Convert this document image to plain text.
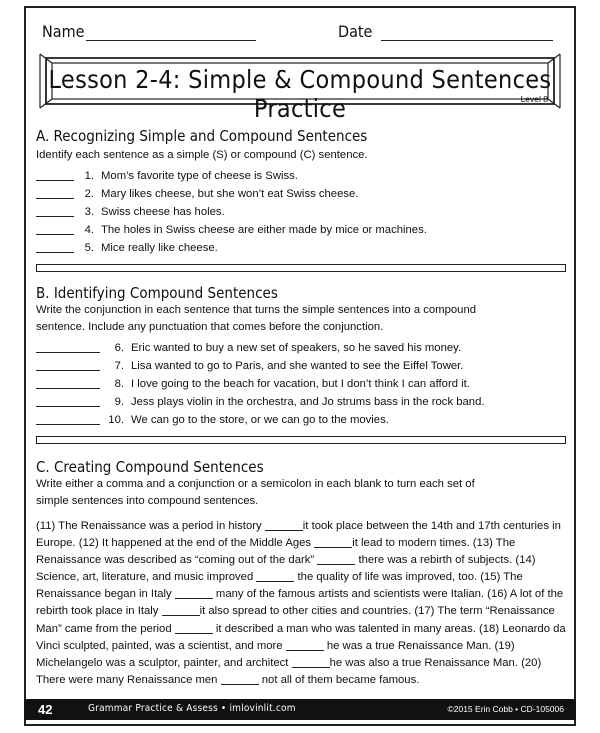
Name	Date
Lesson 2-4: Simple & Compound Sentences Practice	Level 8
A. Recognizing Simple and Compound Sentences
Identify each sentence as a simple (S) or compound (C) sentence.
1. Mom’s favorite type of cheese is Swiss.
2. Mary likes cheese, but she won’t eat Swiss cheese.
3. Swiss cheese has holes.
4. The holes in Swiss cheese are either made by mice or machines.
5. Mice really like cheese.
B. Identifying Compound Sentences
Write the conjunction in each sentence that turns the simple sentences into a compound
sentence. Include any punctuation that comes before the conjunction.
6. Eric wanted to buy a new set of speakers, so he saved his money.
7. Lisa wanted to go to Paris, and she wanted to see the Eiffel Tower.
8. I love going to the beach for vacation, but I don’t think I can afford it.
9. Jess plays violin in the orchestra, and Jo strums bass in the rock band.
10. We can go to the store, or we can go to the movies.
C. Creating Compound Sentences
Write either a comma and a conjunction or a semicolon in each blank to turn each set of
simple sentences into compound sentences.
(11) The Renaissance was a period in history	it took place between the 14th and 17th centuries in Europe. (12) It happened at the end of the Middle Ages	it lead to modern times. (13) The Renaissance was described as “coming out of the dark”	there was a rebirth of subjects. (14) Science, art, literature, and music improved	the quality of life was improved, too. (15) The Renaissance began in Italy	many of the famous artists and scientists were Italian. (16) A lot of the rebirth took place in Italy	it also spread to other cities and countries. (17) The term “Renaissance Man” came from the period	it described a man who was talented in many areas. (18) Leonardo da Vinci sculpted, painted, was a scientist, and more	he was a true Renaissance Man. (19) Michelangelo was a sculptor, painter, and architect	he was also a true Renaissance Man. (20) There were many Renaissance men	not all of them became famous.
42	Grammar Practice & Assess • imlovinlit.com	©2015 Erin Cobb • CD-105006
